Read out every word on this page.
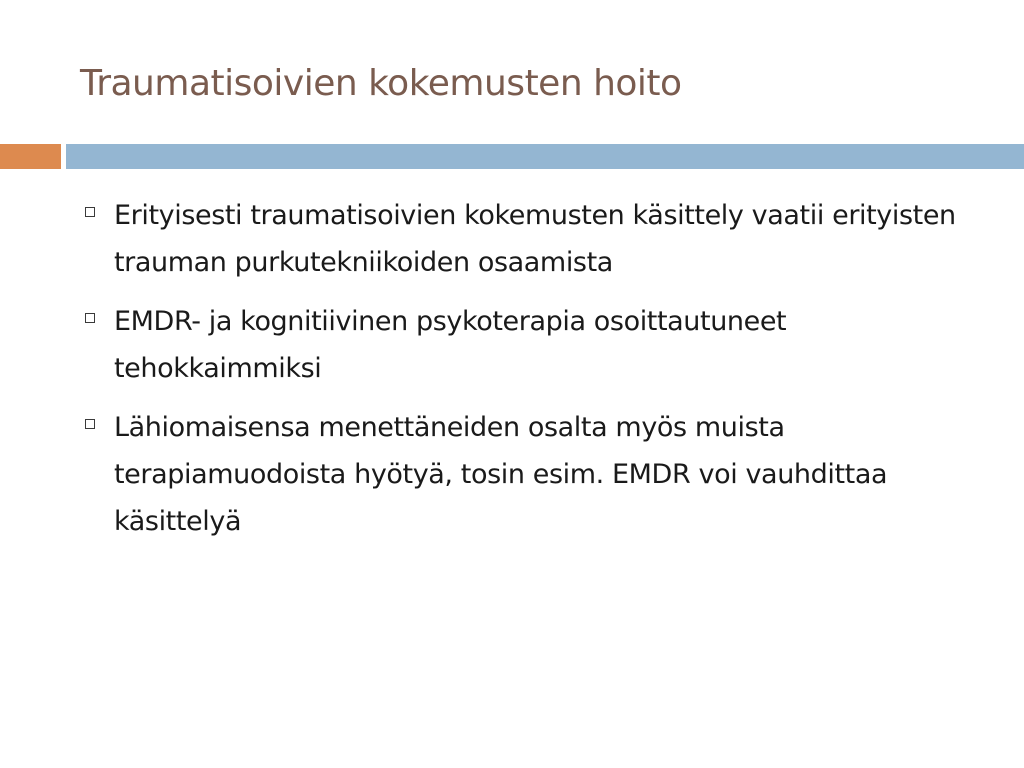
Traumatisoivien kokemusten hoito
Erityisesti traumatisoivien kokemusten käsittely vaatii erityisten trauman purkutekniikoiden osaamista
EMDR- ja kognitiivinen psykoterapia osoittautuneet tehokkaimmiksi
Lähiomaisensa menettäneiden osalta myös muista terapiamuodoista hyötyä, tosin esim. EMDR voi vauhdittaa käsittelyä
